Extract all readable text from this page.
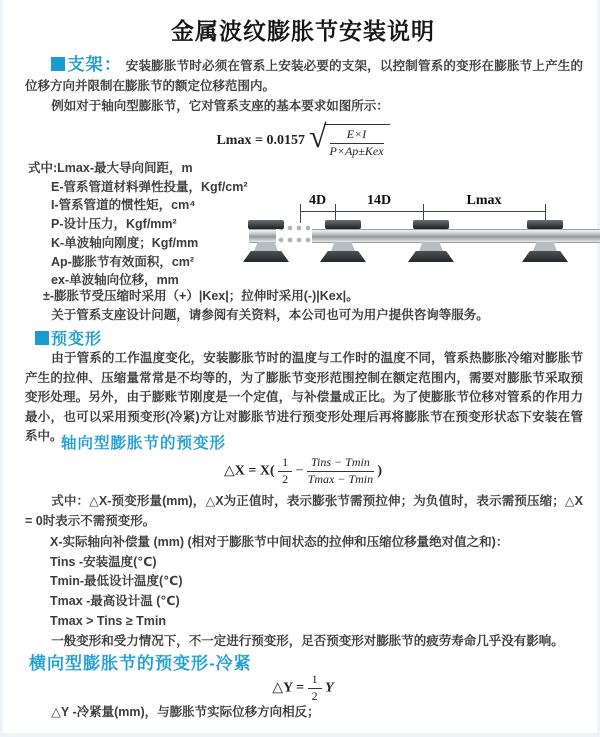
金属波纹膨胀节安装说明
支架： 安装膨胀节时必须在管系上安装必要的支架，以控制管系的变形在膨胀节上产生的位移方向并限制在膨胀节的额定位移范围内。
例如对于轴向型膨胀节，它对管系支座的基本要求如图所示：
Lmax = 0.0157 √ $\frac{E\times I}{\text{P×Ap±Kex}}$
式中:Lmax-最大导向间距，m
E-管系管道材料弹性投量，Kgf/cm²
I-管系管道的惯性矩，cm⁴
P-设计压力，Kgf/mm²
K-单波轴向刚度；Kgf/mm
Ap-膨胀节有效面积，cm²
ex-单波轴向位移，mm
±-膨胀节受压缩时采用（+）|Kex|；拉伸时采用(-)|Kex|。
关于管系支座设计问题，请参阅有关资料，本公司也可为用户提供咨询等服务。
4D	14D	Lmax
预变形
由于管系的工作温度变化，安装膨胀节时的温度与工作时的温度不同，管系热膨胀冷缩对膨胀节产生的拉伸、压缩量常常是不均等的，为了膨胀节变形范围控制在额定范围内，需要对膨胀节采取预变形处理。另外，由于膨账节刚度是一个定值，与补偿量成正比。为了使膨胀节位移对管系的作用力最小，也可以采用预变形(冷紧)方让对膨胀节进行预变形处理后再将膨胀节在预变形状态下安装在管系中。
轴向型膨胀节的预变形
△X = $X( \frac{1}{2} - \frac{\text{Tins − Tmin}}{Tmax - Tmin}$ )
式中：△X-预变形量(mm)，△X为正值时，表示膨张节需预拉伸；为负值时，表示需预压缩；△X = 0时表示不需预变形。
X-实际轴向补偿量 (mm) (相对于膨胀节中间状态的拉伸和压缩位移量绝对值之和)：
Tins -安装温度(℃)
Tmin-最低设计温度(℃)
Tmax -最高设计温 (℃)
Tmax > Tins ≥ Tmin
一般变形和受力情况下，不一定进行预变形，足否预变形对膨胀节的疲劳寿命几乎没有影响。
横向型膨胀节的预变形-冷紧
△Y = $\frac{1}{2}$ Y
△Y -冷紧量(mm)，与膨胀节实际位移方向相反；
